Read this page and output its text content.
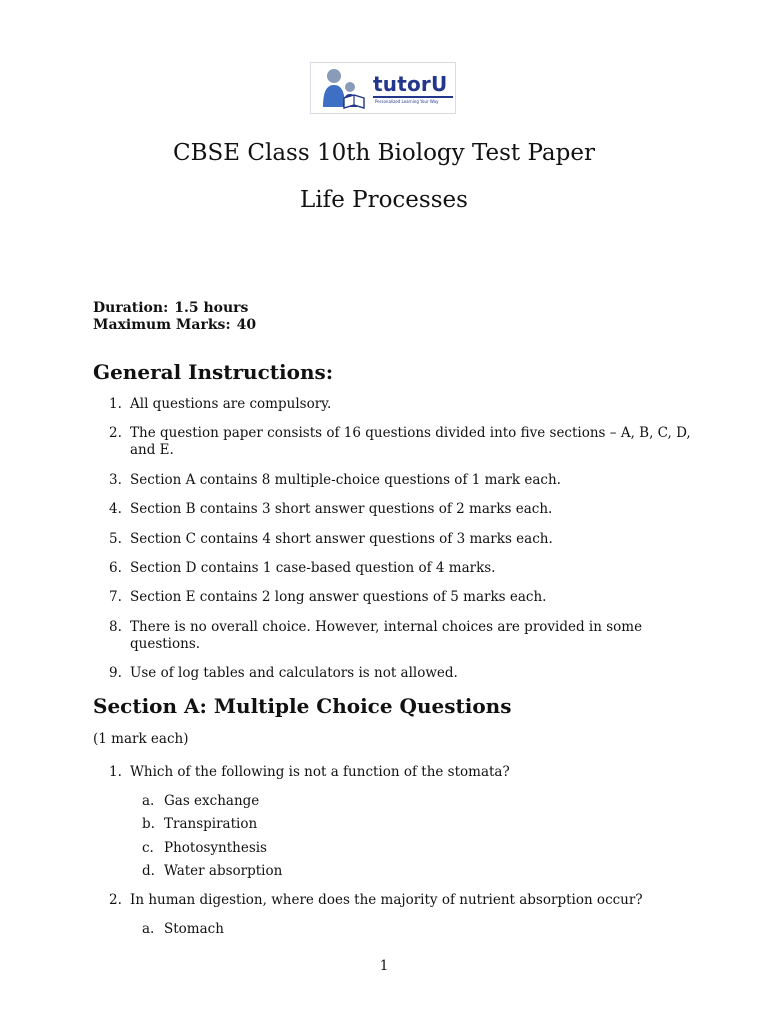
tutorU
Personalized Learning Your Way
CBSE Class 10th Biology Test Paper
Life Processes
Duration: 1.5 hours
Maximum Marks: 40
General Instructions:
1. All questions are compulsory.
2. The question paper consists of 16 questions divided into five sections – A, B, C, D, and E.
3. Section A contains 8 multiple-choice questions of 1 mark each.
4. Section B contains 3 short answer questions of 2 marks each.
5. Section C contains 4 short answer questions of 3 marks each.
6. Section D contains 1 case-based question of 4 marks.
7. Section E contains 2 long answer questions of 5 marks each.
8. There is no overall choice. However, internal choices are provided in some questions.
9. Use of log tables and calculators is not allowed.
Section A: Multiple Choice Questions
(1 mark each)
1. Which of the following is not a function of the stomata?
a. Gas exchange
b. Transpiration
c. Photosynthesis
d. Water absorption
2. In human digestion, where does the majority of nutrient absorption occur?
a. Stomach
1
